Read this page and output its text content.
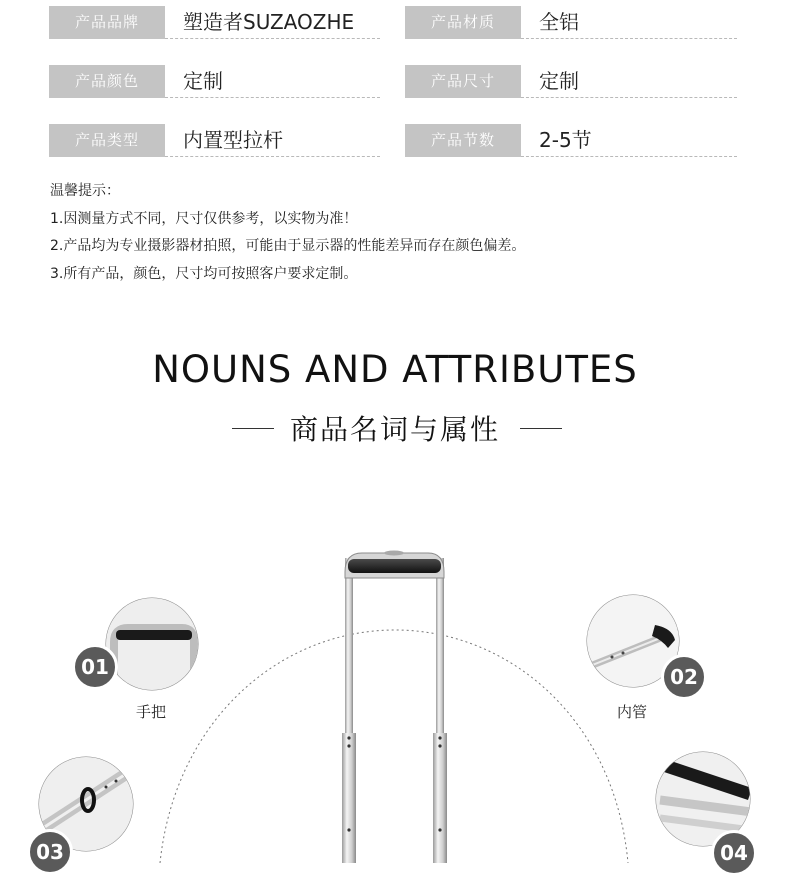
产品品牌	塑造者SUZAOZHE	产品材质	全铝
产品颜色	定制	产品尺寸	定制
产品类型	内置型拉杆	产品节数	2-5节
温馨提示：
1.因测量方式不同，尺寸仅供参考，以实物为准！
2.产品均为专业摄影器材拍照，可能由于显示器的性能差异而存在颜色偏差。
3.所有产品，颜色，尺寸均可按照客户要求定制。
NOUNS AND ATTRIBUTES
商品名词与属性
01	02
03	04
手把	内管
